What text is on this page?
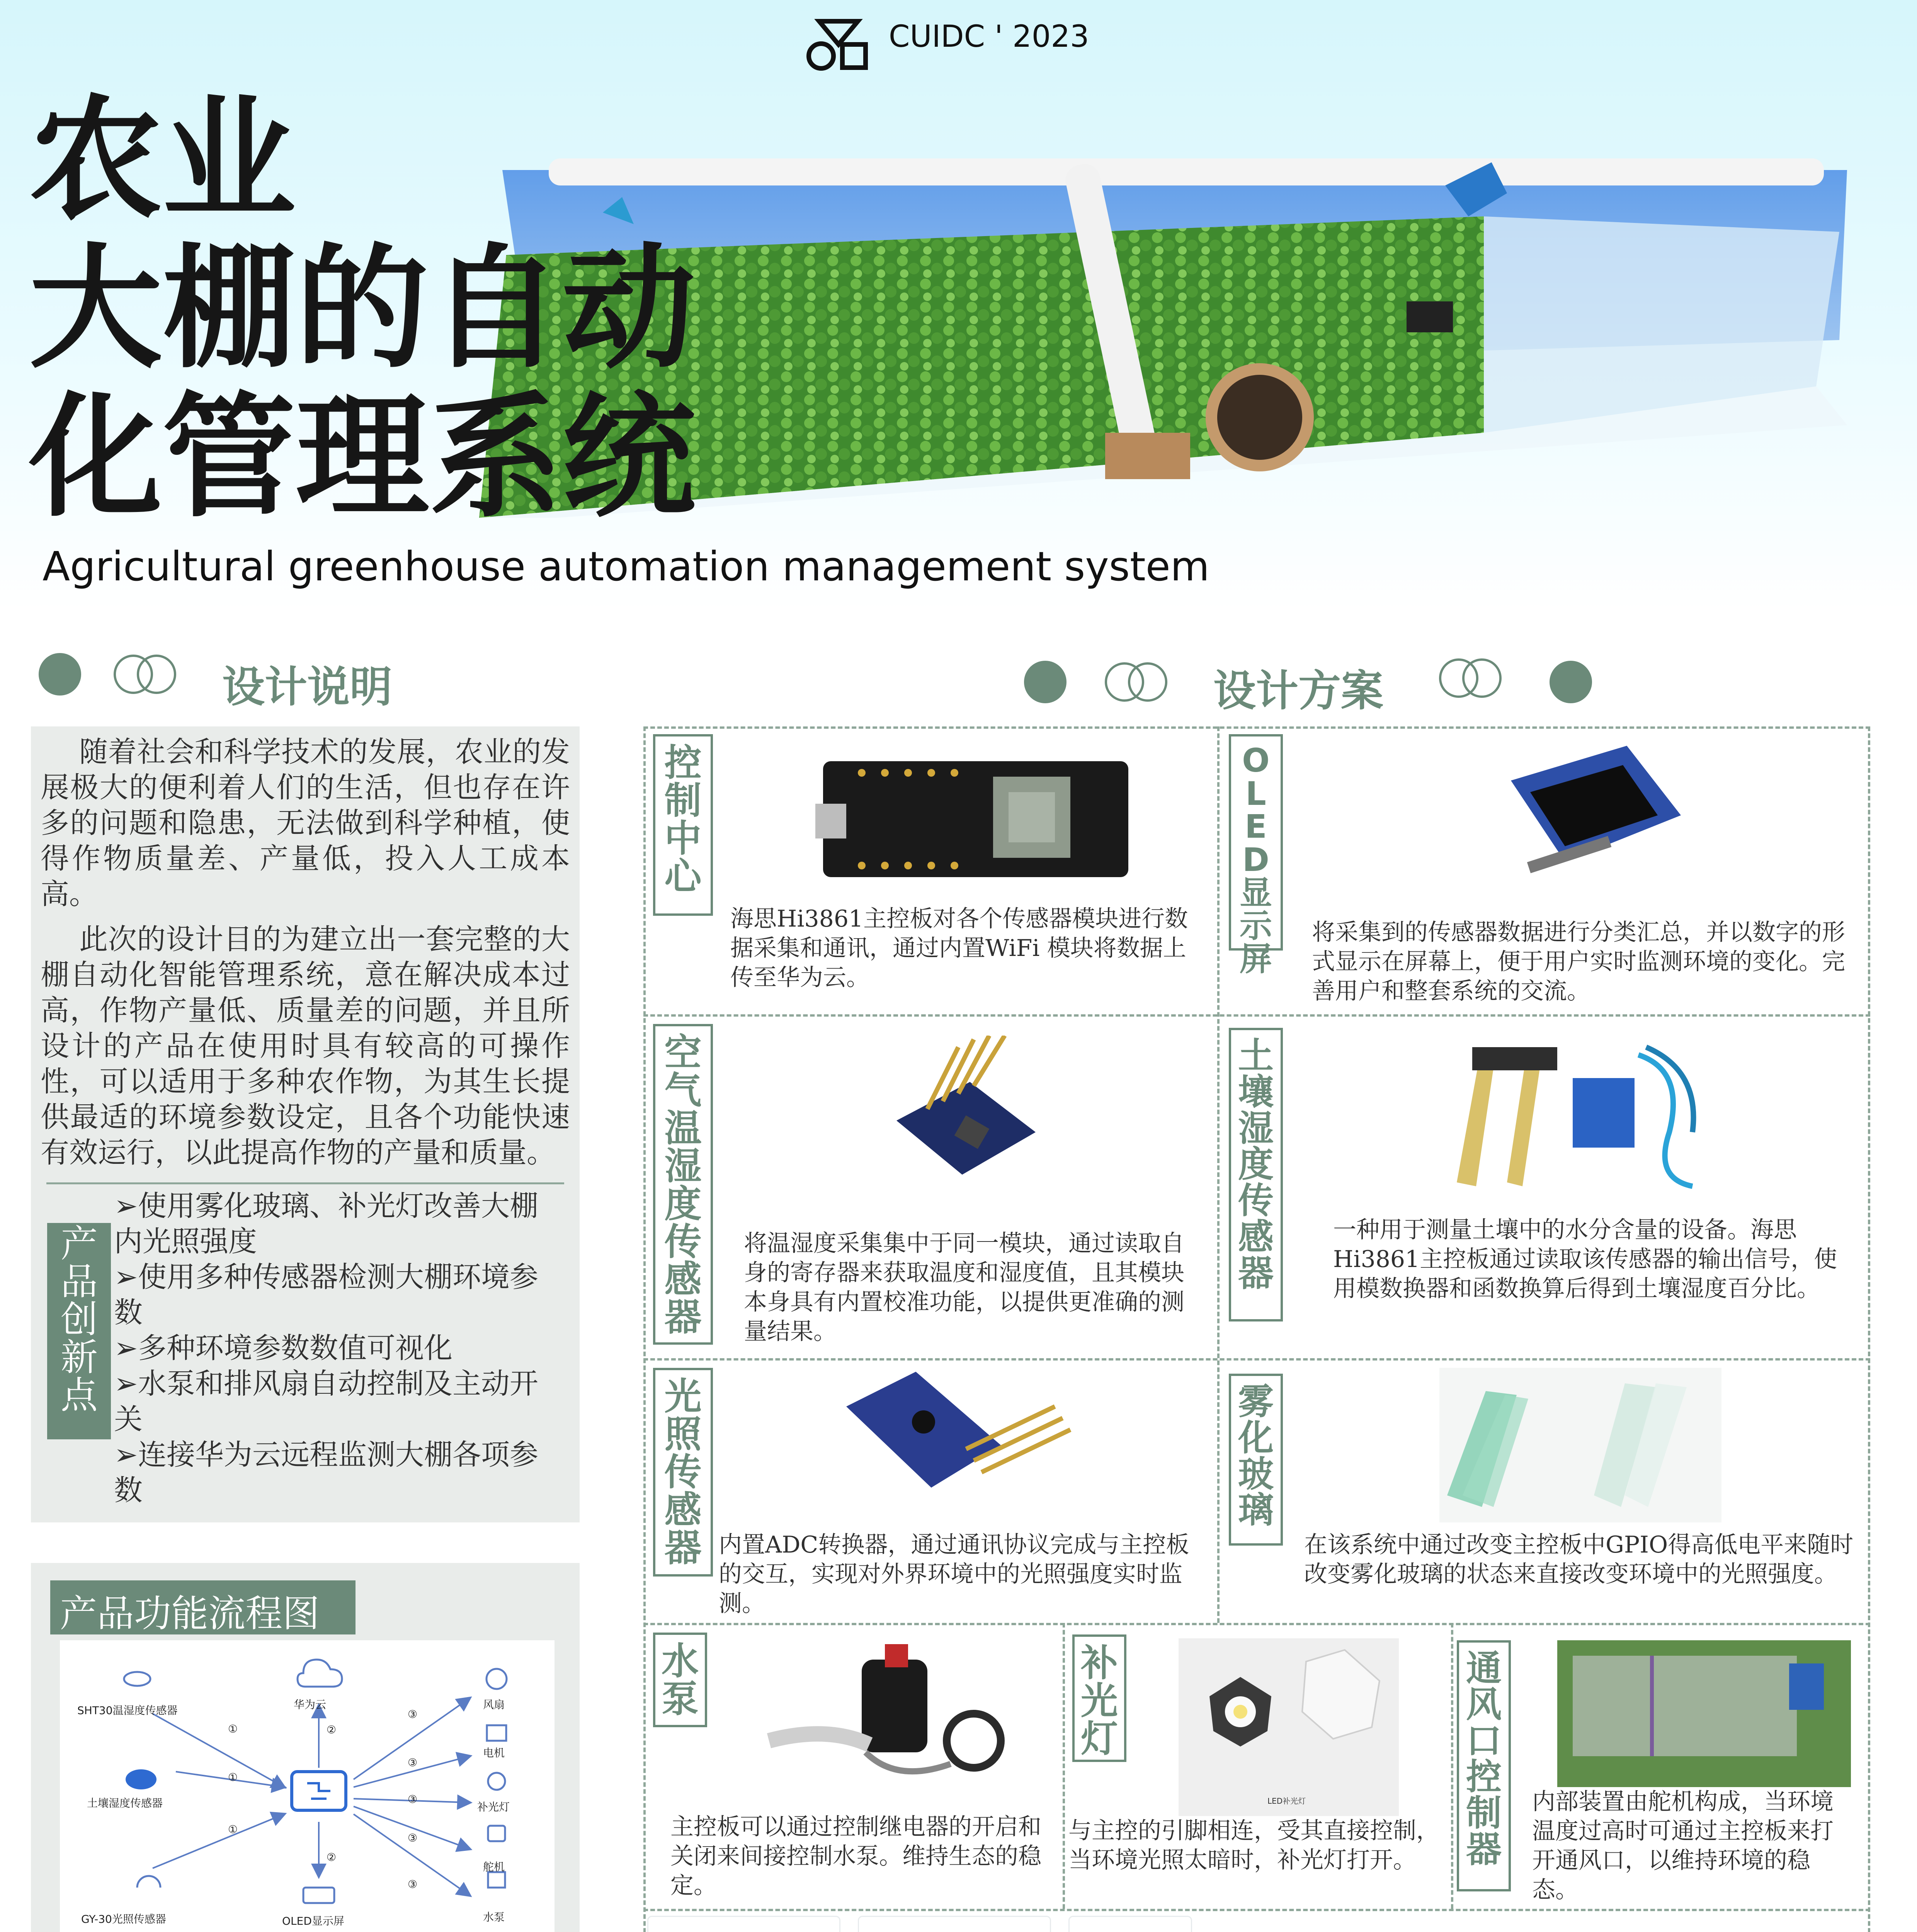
CUIDC ' 2023
农业
大棚的自动
化管理系统
Agricultural greenhouse automation management system
设计说明
随着社会和科学技术的发展，农业的发展极大的便利着人们的生活，但也存在许多的问题和隐患，无法做到科学种植，使得作物质量差、产量低，投入人工成本高。
此次的设计目的为建立出一套完整的大棚自动化智能管理系统，意在解决成本过高，作物产量低、质量差的问题，并且所设计的产品在使用时具有较高的可操作性，可以适用于多种农作物，为其生长提供最适的环境参数设定，且各个功能快速有效运行，以此提高作物的产量和质量。
产品创新点
➢使用雾化玻璃、补光灯改善大棚内光照强度
➢使用多种传感器检测大棚环境参数
➢多种环境参数数值可视化
➢水泵和排风扇自动控制及主动开关
➢连接华为云远程监测大棚各项参数
产品功能流程图
SHT30温湿度传感器
土壤湿度传感器
GY-30光照传感器
华为云
OLED显示屏
风扇
电机
补光灯
舵机
水泵
①
①
①
②
②
③
③
③
③
③
设计方案
控制中心
海思Hi3861主控板对各个传感器模块进行数据采集和通讯，通过内置WiFi 模块将数据上传至华为云。
OLED显示屏
将采集到的传感器数据进行分类汇总，并以数字的形式显示在屏幕上，便于用户实时监测环境的变化。完善用户和整套系统的交流。
空气温湿度传感器
将温湿度采集集中于同一模块，通过读取自身的寄存器来获取温度和湿度值，且其模块本身具有内置校准功能，以提供更准确的测量结果。
土壤湿度传感器
一种用于测量土壤中的水分含量的设备。海思Hi3861主控板通过读取该传感器的输出信号，使用模数换器和函数换算后得到土壤湿度百分比。
光照传感器 内置ADC转换器，通过通讯协议完成与主控板的交互，实现对外界环境中的光照强度实时监测。
雾化玻璃
在该系统中通过改变主控板中GPIO得高低电平来随时改变雾化玻璃的状态来直接改变环境中的光照强度。
水泵
主控板可以通过控制继电器的开启和关闭来间接控制水泵。维持生态的稳定。
补光灯
LED补光灯
与主控的引脚相连，受其直接控制，当环境光照太暗时，补光灯打开。
通风口控制器
内部装置由舵机构成，当环境温度过高时可通过主控板来打开通风口，以维持环境的稳态。
